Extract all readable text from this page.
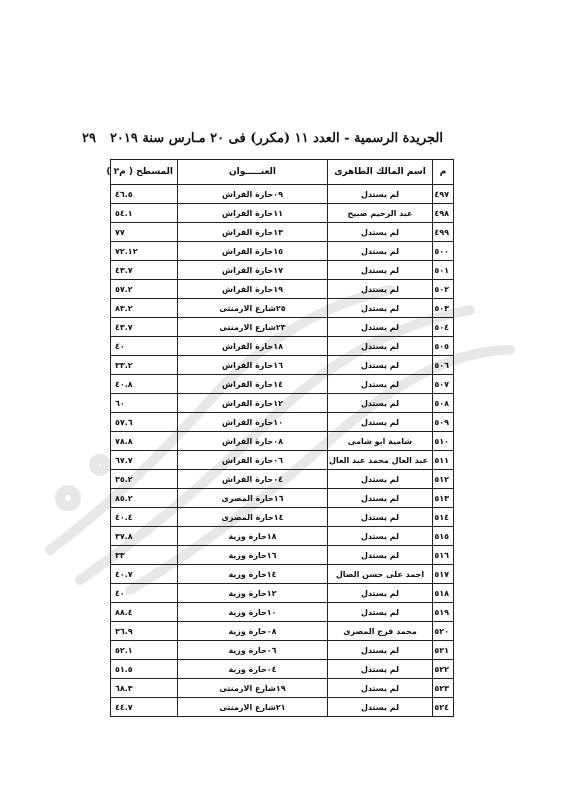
الجريدة الرسمية - العدد ١١ (مكرر) فى ٢٠ مـارس سنة ٢٠١٩
٢٩
م	اسم المالك الظاهرى	العنـــــوان	المسطح ( م٢ )
٤٩٧	لم يستدل	٠٩حارة الفراش	٤٦.٥
٤٩٨	عبد الرحيم صبيح	١١حارة الفراش	٥٤.١
٤٩٩	لم يستدل	١٣حارة الفراش	٧٧
٥٠٠	لم يستدل	١٥حارة الفراش	٧٢.١٢
٥٠١	لم يستدل	١٧حارة الفراش	٤٣.٧
٥٠٢	لم يستدل	١٩حارة الفراش	٥٧.٢
٥٠٣	لم يستدل	٢٥شارع الارمنتى	٨٣.٢
٥٠٤	لم يستدل	٢٣شارع الارمنتى	٤٣.٧
٥٠٥	لم يستدل	١٨حارة الفراش	٤٠
٥٠٦	لم يستدل	١٦حارة الفراش	٣٣.٢
٥٠٧	لم يستدل	١٤حارة الفراش	٤٠.٨
٥٠٨	لم يستدل	١٢حارة الفراش	٦٠
٥٠٩	لم يستدل	١٠حارة الفراش	٥٧.٦
٥١٠	شامية ابو شامى	٠٨حارة الفراش	٧٨.٨
٥١١	عبد العال محمد عبد العال	٠٦حارة الفراش	٦٧.٧
٥١٢	لم يستدل	٠٤حارة الفراش	٣٥.٢
٥١٣	لم يستدل	١٦حارة المصرى	٨٥.٢
٥١٤	لم يستدل	١٤حارة المصرى	٤٠.٤
٥١٥	لم يستدل	١٨حارة وزية	٣٧.٨
٥١٦	لم يستدل	١٦حارة وزية	٣٣
٥١٧	احمد على حسن الصال	١٤حارة وزية	٤٠.٧
٥١٨	لم يستدل	١٢حارة وزية	٤٠
٥١٩	لم يستدل	١٠حارة وزية	٨٨.٤
٥٢٠	محمد فرج المصرى	٠٨حارة وزية	٣٦.٩
٥٢١	لم يستدل	٠٦حارة وزية	٥٢.١
٥٢٢	لم يستدل	٠٤حارة وزية	٥١.٥
٥٢٣	لم يستدل	١٩شارع الارمنتى	٦٨.٣
٥٢٤	لم يستدل	٢١شارع الارمنتى	٤٤.٧
